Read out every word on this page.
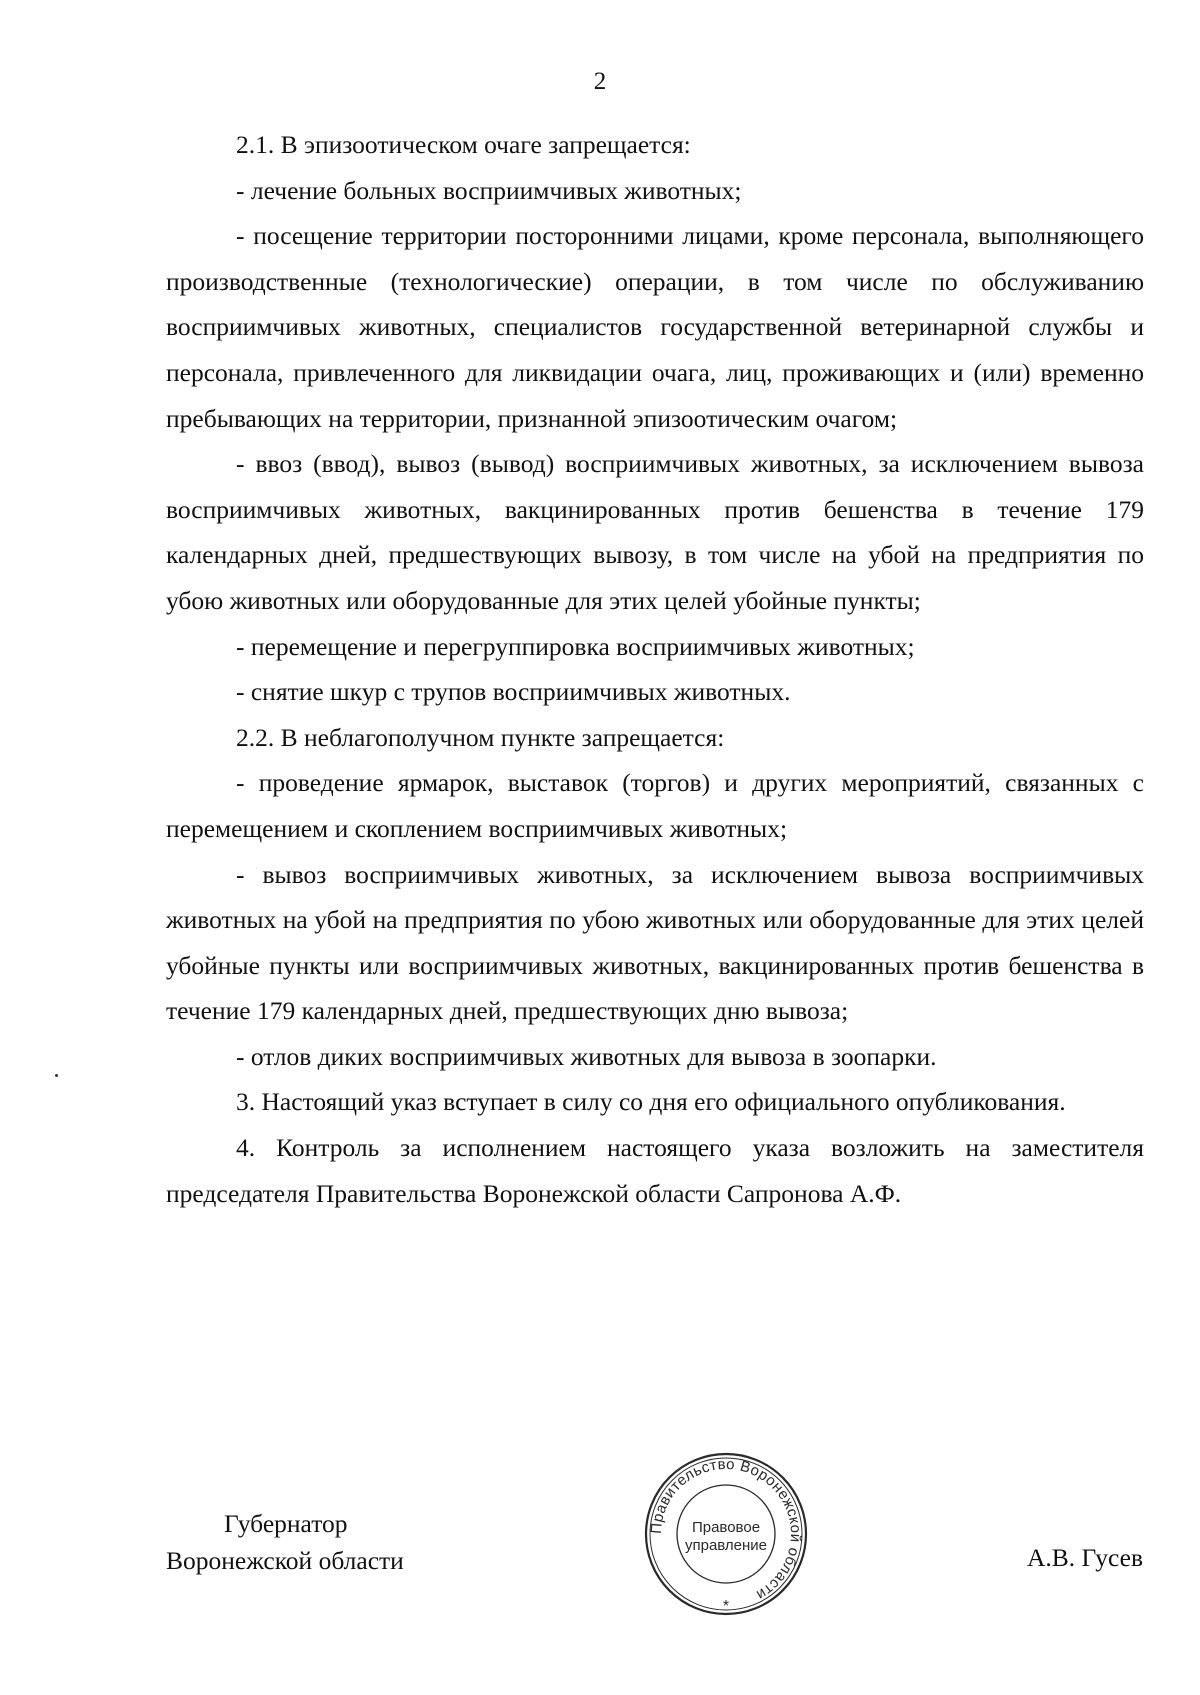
2

2.1. В эпизоотическом очаге запрещается:

- лечение больных восприимчивых животных;

- посещение территории посторонними лицами, кроме персонала, выполняющего производственные (технологические) операции, в том числе по обслуживанию восприимчивых животных, специалистов государственной ветеринарной службы и персонала, привлеченного для ликвидации очага, лиц, проживающих и (или) временно пребывающих на территории, признанной эпизоотическим очагом;

- ввоз (ввод), вывоз (вывод) восприимчивых животных, за исключением вывоза восприимчивых животных, вакцинированных против бешенства в течение 179 календарных дней, предшествующих вывозу, в том числе на убой на предприятия по убою животных или оборудованные для этих целей убойные пункты;

- перемещение и перегруппировка восприимчивых животных;

- снятие шкур с трупов восприимчивых животных.

2.2. В неблагополучном пункте запрещается:

- проведение ярмарок, выставок (торгов) и других мероприятий, связанных с перемещением и скоплением восприимчивых животных;

- вывоз восприимчивых животных, за исключением вывоза восприимчивых животных на убой на предприятия по убою животных или оборудованные для этих целей убойные пункты или восприимчивых животных, вакцинированных против бешенства в течение 179 календарных дней, предшествующих дню вывоза;

- отлов диких восприимчивых животных для вывоза в зоопарки.

3. Настоящий указ вступает в силу со дня его официального опубликования.

4. Контроль за исполнением настоящего указа возложить на заместителя председателя Правительства Воронежской области Сапронова А.Ф.

Губернатор
Воронежской области	А.В. Гусев
Правительство Воронежской области
Правовое
управление
*
